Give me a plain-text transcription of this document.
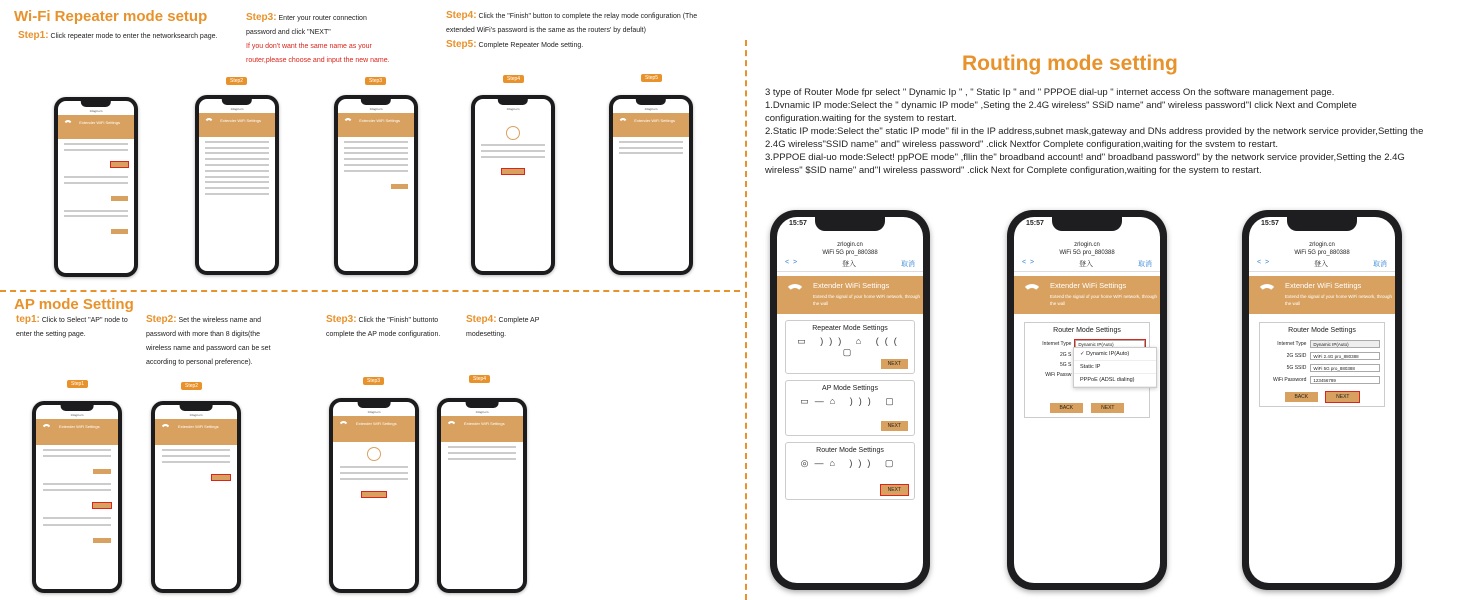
Wi-Fi Repeater mode setup
Step1: Click repeater mode to enter the networksearch page.
Step3: Enter your router connection password and click "NEXT"
If you don't want the same name as your router,please choose and input the new name.
Step4: Click the "Finish" button to complete the relay mode configuration (The extended WiFi's password is the same as the routers' by default)
Step5: Complete Repeater Mode setting.
Step2	Step3	Step4	Step5
zrlogin.cn
Extender WiFi Settings
zrlogin.cn
Extender WiFi Settings
zrlogin.cn
Extender WiFi Settings
zrlogin.cn	zrlogin.cn
Extender WiFi Settings
AP mode Setting
tep1: Click to Select "AP" node to enter the setting page.
Step2: Set the wireless name and password with more than 8 digits(the wireless name and password can be set according to personal preference).
Step3: Click the "Finish" buttonto complete the AP mode configuration.
Step4: Complete AP modesetting.
Step1	Step2
Step3	Step4
zrlogin.cn
Extender WiFi Settings
zrlogin.cn
Extender WiFi Settings
zrlogin.cn
Extender WiFi Settings
zrlogin.cn
Extender WiFi Settings
Routing mode setting
3 type of Router Mode fpr select " Dynamic Ip " , " Static Ip " and " PPPOE dial-up " internet access On the software management page.
1.Dvnamic IP mode:Select the " dynamic IP mode" ,Seting the 2.4G wireless" SSiD name" and" wireless password"I click Next and Complete configuration.waiting for the system to restart.
2.Static IP mode:Select the" static IP mode" fil in the IP address,subnet mask,gateway and DNs address provided by the network service provider,Setting the 2.4G wireless"SSID name" and" wireless password" .click Nextfor Complete configuration,waiting for the svstem to restart.
3.PPPOE dial-uo mode:Select! ppPOE mode" ,fllin the" broadband account! and" broadband password" by the network service provider,Setting the 2.4G wireless" $SID name" and"I wireless password" .click Next for Complete configuration,waiting for the system to restart.
15:57
zrlogin.cn
WiFi 5G pro_880388
< >	登入	取消
Extender WiFi Settings
Extend the signal of your home WiFi network, through the wall
Repeater Mode Settings
▭ ))) ⌂ ((( ▢
NEXT
AP Mode Settings
▭—⌂ ))) ▢
NEXT
Router Mode Settings
◎—⌂ ))) ▢
NEXT
15:57
zrlogin.cn
WiFi 5G pro_880388
< >	登入	取消
Extender WiFi Settings
Extend the signal of your home WiFi network, through the wall
Router Mode Settings
Internet Type	Dynamic IP(Auto)
2G S
5G S
WiFi Passw
✓ Dynamic IP(Auto)
Static IP
PPPoE (ADSL dialing)
BACK	NEXT
15:57
zrlogin.cn
WiFi 5G pro_880388
< >	登入	取消
Extender WiFi Settings
Extend the signal of your home WiFi network, through the wall
Router Mode Settings
Internet Type	Dynamic IP(Auto)
2G SSID	WiFi 2.4G pro_880388
5G SSID	WiFi 5G pro_880388
WiFi Password	123456789
BACK	NEXT
